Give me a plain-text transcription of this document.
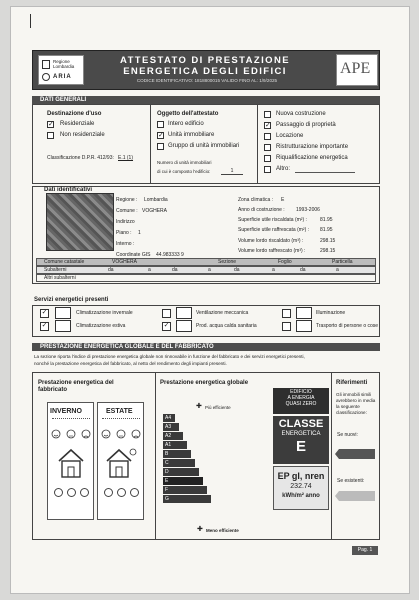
Regione
Lombardia
ARIA
ATTESTATO DI PRESTAZIONE
ENERGETICA DEGLI EDIFICI
CODICE IDENTIFICATIVO: 1818800015 VALIDO FINO AL: 1/9/2025
APE
DATI GENERALI
Destinazione d'uso
✓ Residenziale
Non residenziale
Classificazione D.P.R. 412/93: E.1 (1)
Oggetto dell'attestato
Intero edificio
✓ Unità immobiliare
Gruppo di unità immobiliari
Numero di unità immobiliari
di cui è composto l'edificio:	1
Nuova costruzione
✓ Passaggio di proprietà
Locazione
Ristrutturazione importante
Riqualificazione energetica
Altro:
Dati identificativi
Regione : Lombardia
Comune : VOGHERA
Indirizzo
Piano : 1
Interno :
Coordinate GIS 44.983333 9
Zona climatica : E
Anno di costruzione : 1993-2006
Superficie utile riscaldata (m²) :	81.95
Superficie utile raffrescata (m²) : 81.95
Volume lordo riscaldato (m³) :	298.15
Volume lordo raffrescato (m³) :	298.15
Comune catastale	VOGHERA	Sezione	Foglio	Particella
Subalterni	da	a	da	a	da	a	da	a
Altri subalterni
Servizi energetici presenti
✓	Climatizzazione invernale	Ventilazione meccanica	Illuminazione
✓	Climatizzazione estiva	✓	Prod. acqua calda sanitaria	Trasporto di persone o cose
PRESTAZIONE ENERGETICA GLOBALE E DEL FABBRICATO
La sezione riporta l'indice di prestazione energetica globale non rinnovabile in funzione del fabbricato e dei servizi energetici presenti,
nonché la prestazione energetica del fabbricato, al netto del rendimento degli impianti presenti.
Prestazione energetica del
fabbricato
INVERNO	ESTATE
Prestazione energetica globale
Più efficiente
✚
A4
A3
A2
A1
B
C
D
E
F
G
Meno efficiente
✚
EDIFICIO
A ENERGIA
QUASI ZERO
CLASSE
ENERGETICA
E
EP gl, nren
232.74
kWh/m² anno
Riferimenti
Gli immobili simili
avrebbero in media
la seguente
classificazione:
Se nuovi:
Se esistenti:
Pag. 1
